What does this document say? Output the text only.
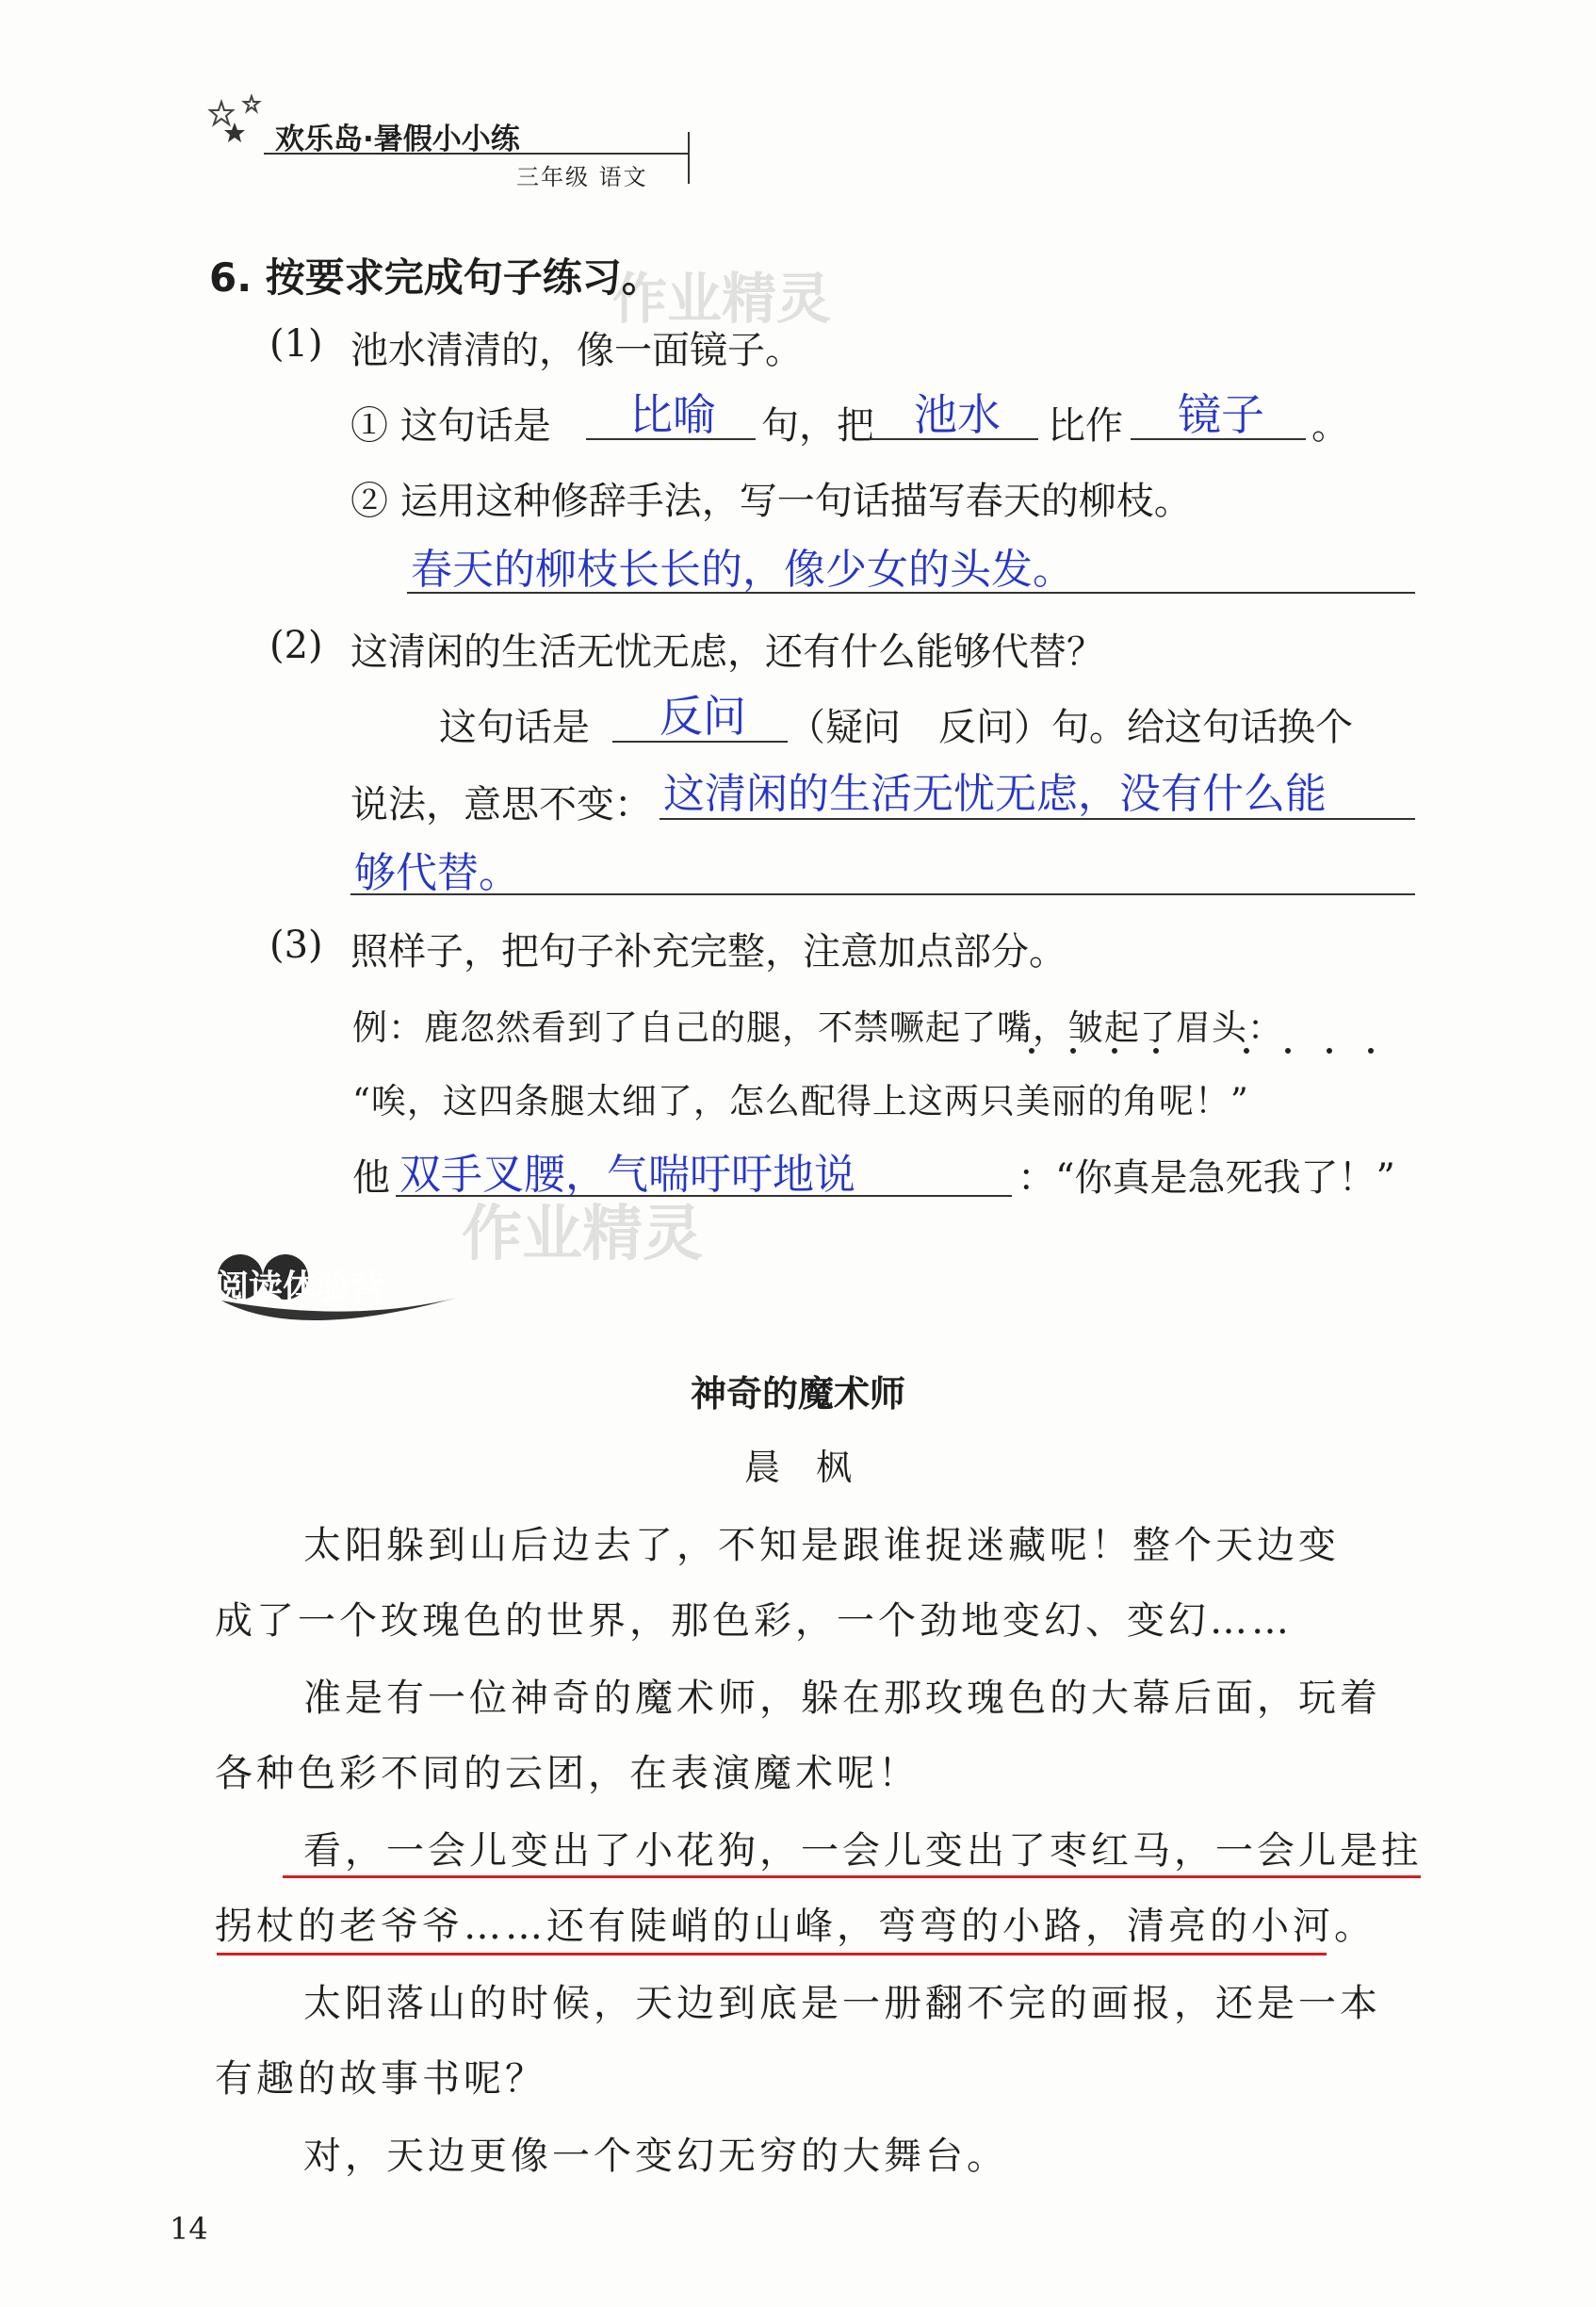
欢乐岛·暑假小小练
三年级 语文
作业精灵
作业精灵
6. 按要求完成句子练习。
(1) 池水清清的，像一面镜子。
① 这句话是 比喻 句，把 池水 比作 镜子 。
② 运用这种修辞手法，写一句话描写春天的柳枝。
春天的柳枝长长的，像少女的头发。
(2) 这清闲的生活无忧无虑，还有什么能够代替？
这句话是 反问 （疑问　反问）句。给这句话换个
说法，意思不变： 这清闲的生活无忧无虑，没有什么能
够代替。
(3) 照样子，把句子补充完整，注意加点部分。
例：鹿忽然看到了自己的腿，不禁噘起了嘴，皱起了眉头：
“唉，这四条腿太细了，怎么配得上这两只美丽的角呢！”
他 双手叉腰，气喘吁吁地说	：“你真是急死我了！”
阅读体验营
神奇的魔术师
晨　枫
太阳躲到山后边去了，不知是跟谁捉迷藏呢！整个天边变
成了一个玫瑰色的世界，那色彩，一个劲地变幻、变幻……
准是有一位神奇的魔术师，躲在那玫瑰色的大幕后面，玩着
各种色彩不同的云团，在表演魔术呢！
看，一会儿变出了小花狗，一会儿变出了枣红马，一会儿是拄
拐杖的老爷爷……还有陡峭的山峰，弯弯的小路，清亮的小河。
太阳落山的时候，天边到底是一册翻不完的画报，还是一本
有趣的故事书呢？
对，天边更像一个变幻无穷的大舞台。
14
